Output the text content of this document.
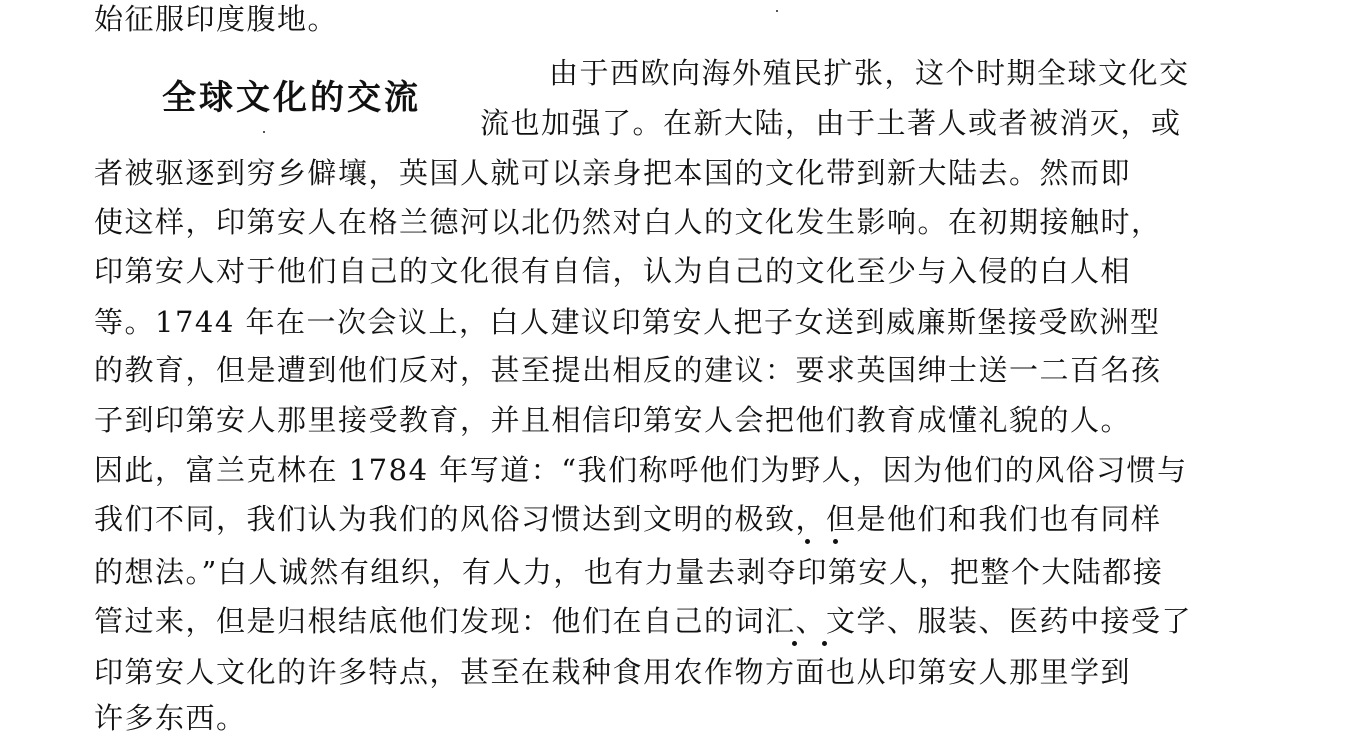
始征服印度腹地。
全球文化的交流
由于西欧向海外殖民扩张，这个时期全球文化交
流也加强了。在新大陆，由于土著人或者被消灭，或
者被驱逐到穷乡僻壤，英国人就可以亲身把本国的文化带到新大陆去。然而即
使这样，印第安人在格兰德河以北仍然对白人的文化发生影响。在初期接触时，
印第安人对于他们自己的文化很有自信，认为自己的文化至少与入侵的白人相
等。1744 年在一次会议上，白人建议印第安人把子女送到威廉斯堡接受欧洲型
的教育，但是遭到他们反对，甚至提出相反的建议：要求英国绅士送一二百名孩
子到印第安人那里接受教育，并且相信印第安人会把他们教育成懂礼貌的人。
因此，富兰克林在 1784 年写道：“我们称呼他们为野人，因为他们的风俗习惯与
我们不同，我们认为我们的风俗习惯达到文明的极致，但是他们和我们也有同样
的想法。”白人诚然有组织，有人力，也有力量去剥夺印第安人，把整个大陆都接
管过来，但是归根结底他们发现：他们在自己的词汇、文学、服装、医药中接受了
印第安人文化的许多特点，甚至在栽种食用农作物方面也从印第安人那里学到
许多东西。
